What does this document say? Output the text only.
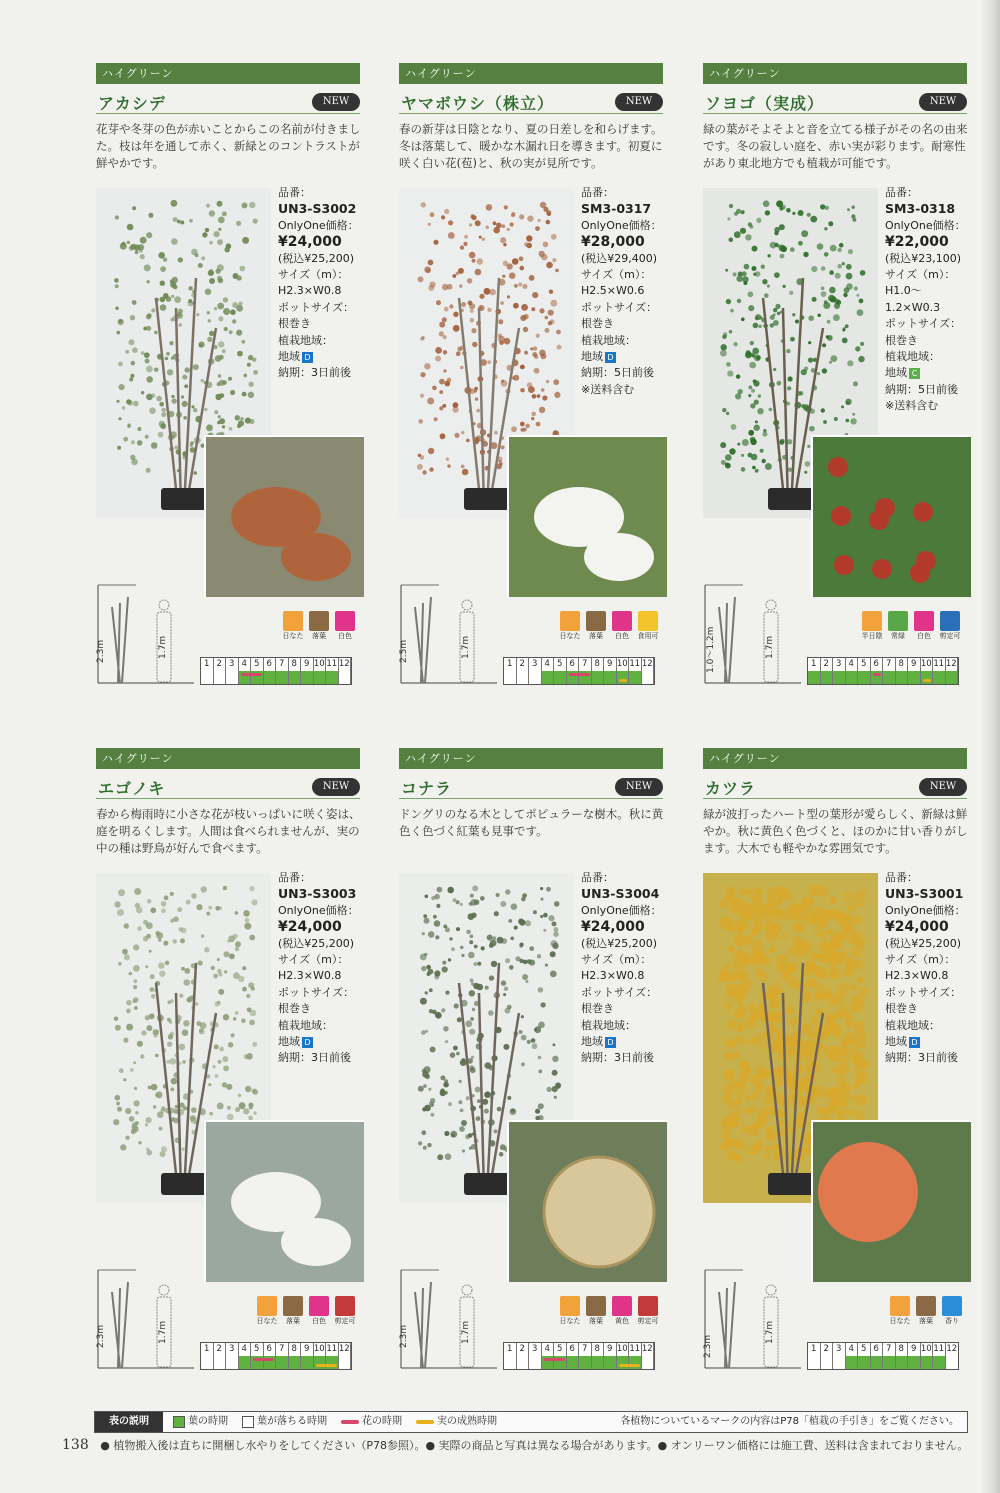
ハイグリーン
アカシデ	NEW
花芽や冬芽の色が赤いことからこの名前が付きました。枝は年を通して赤く、新緑とのコントラストが鮮やかです。
品番：
UN3-S3002
OnlyOne価格：
¥24,000
(税込¥25,200)
サイズ（m）：
H2.3×W0.8
ポットサイズ：
根巻き
植栽地域：
地域 D
納期：3日前後
2.3m	1.7m	日なた	落葉	白色
1 2 3 4 5 6 7 8 9 10 11 12
ハイグリーン
ヤマボウシ（株立）	NEW
春の新芽は日陰となり、夏の日差しを和らげます。冬は落葉して、暖かな木漏れ日を導きます。初夏に咲く白い花(苞)と、秋の実が見所です。
品番：
SM3-0317
OnlyOne価格：
¥28,000
(税込¥29,400)
サイズ（m）：
H2.5×W0.6
ポットサイズ：
根巻き
植栽地域：
地域 D
納期：5日前後
※送料含む
2.5m	1.7m	日なた	落葉	白色	食用可
1 2 3 4 5 6 7 8 9 10 11 12
ハイグリーン
ソヨゴ（実成）	NEW
緑の葉がそよそよと音を立てる様子がその名の由来です。冬の寂しい庭を、赤い実が彩ります。耐寒性があり東北地方でも植栽が可能です。
品番：
SM3-0318
OnlyOne価格：
¥22,000
(税込¥23,100)
サイズ（m）：
H1.0〜1.2×W0.3
ポットサイズ：
根巻き
植栽地域：
地域 C
納期：5日前後
※送料含む
1.0〜1.2m	1.7m	半日陰	常緑	白色	剪定可
1 2 3 4 5 6 7 8 9 10 11 12
ハイグリーン
エゴノキ	NEW
春から梅雨時に小さな花が枝いっぱいに咲く姿は、庭を明るくします。人間は食べられませんが、実の中の種は野鳥が好んで食べます。
品番：
UN3-S3003
OnlyOne価格：
¥24,000
(税込¥25,200)
サイズ（m）：
H2.3×W0.8
ポットサイズ：
根巻き
植栽地域：
地域 D
納期：3日前後
2.3m	1.7m	日なた	落葉	白色	剪定可
1 2 3 4 5 6 7 8 9 10 11 12
ハイグリーン
コナラ	NEW
ドングリのなる木としてポピュラーな樹木。秋に黄色く色づく紅葉も見事です。
品番：
UN3-S3004
OnlyOne価格：
¥24,000
(税込¥25,200)
サイズ（m）：
H2.3×W0.8
ポットサイズ：
根巻き
植栽地域：
地域 D
納期：3日前後
2.3m	1.7m	日なた	落葉	黄色	剪定可
1 2 3 4 5 6 7 8 9 10 11 12
ハイグリーン
カツラ	NEW
緑が波打ったハート型の葉形が愛らしく、新緑は鮮やか。秋に黄色く色づくと、ほのかに甘い香りがします。大木でも軽やかな雰囲気です。
品番：
UN3-S3001
OnlyOne価格：
¥24,000
(税込¥25,200)
サイズ（m）：
H2.3×W0.8
ポットサイズ：
根巻き
植栽地域：
地域 D
納期：3日前後
2.3m
1.7m	日なた	落葉	香り
1 2 3 4 5 6 7 8 9 10 11 12
表の説明	葉の時期	葉が落ちる時期	花の時期	実の成熟時期	各植物についているマークの内容はP78「植栽の手引き」をご覧ください。
138 ● 植物搬入後は直ちに開梱し水やりをしてください（P78参照）。● 実際の商品と写真は異なる場合があります。● オンリーワン価格には施工費、送料は含まれておりません。
